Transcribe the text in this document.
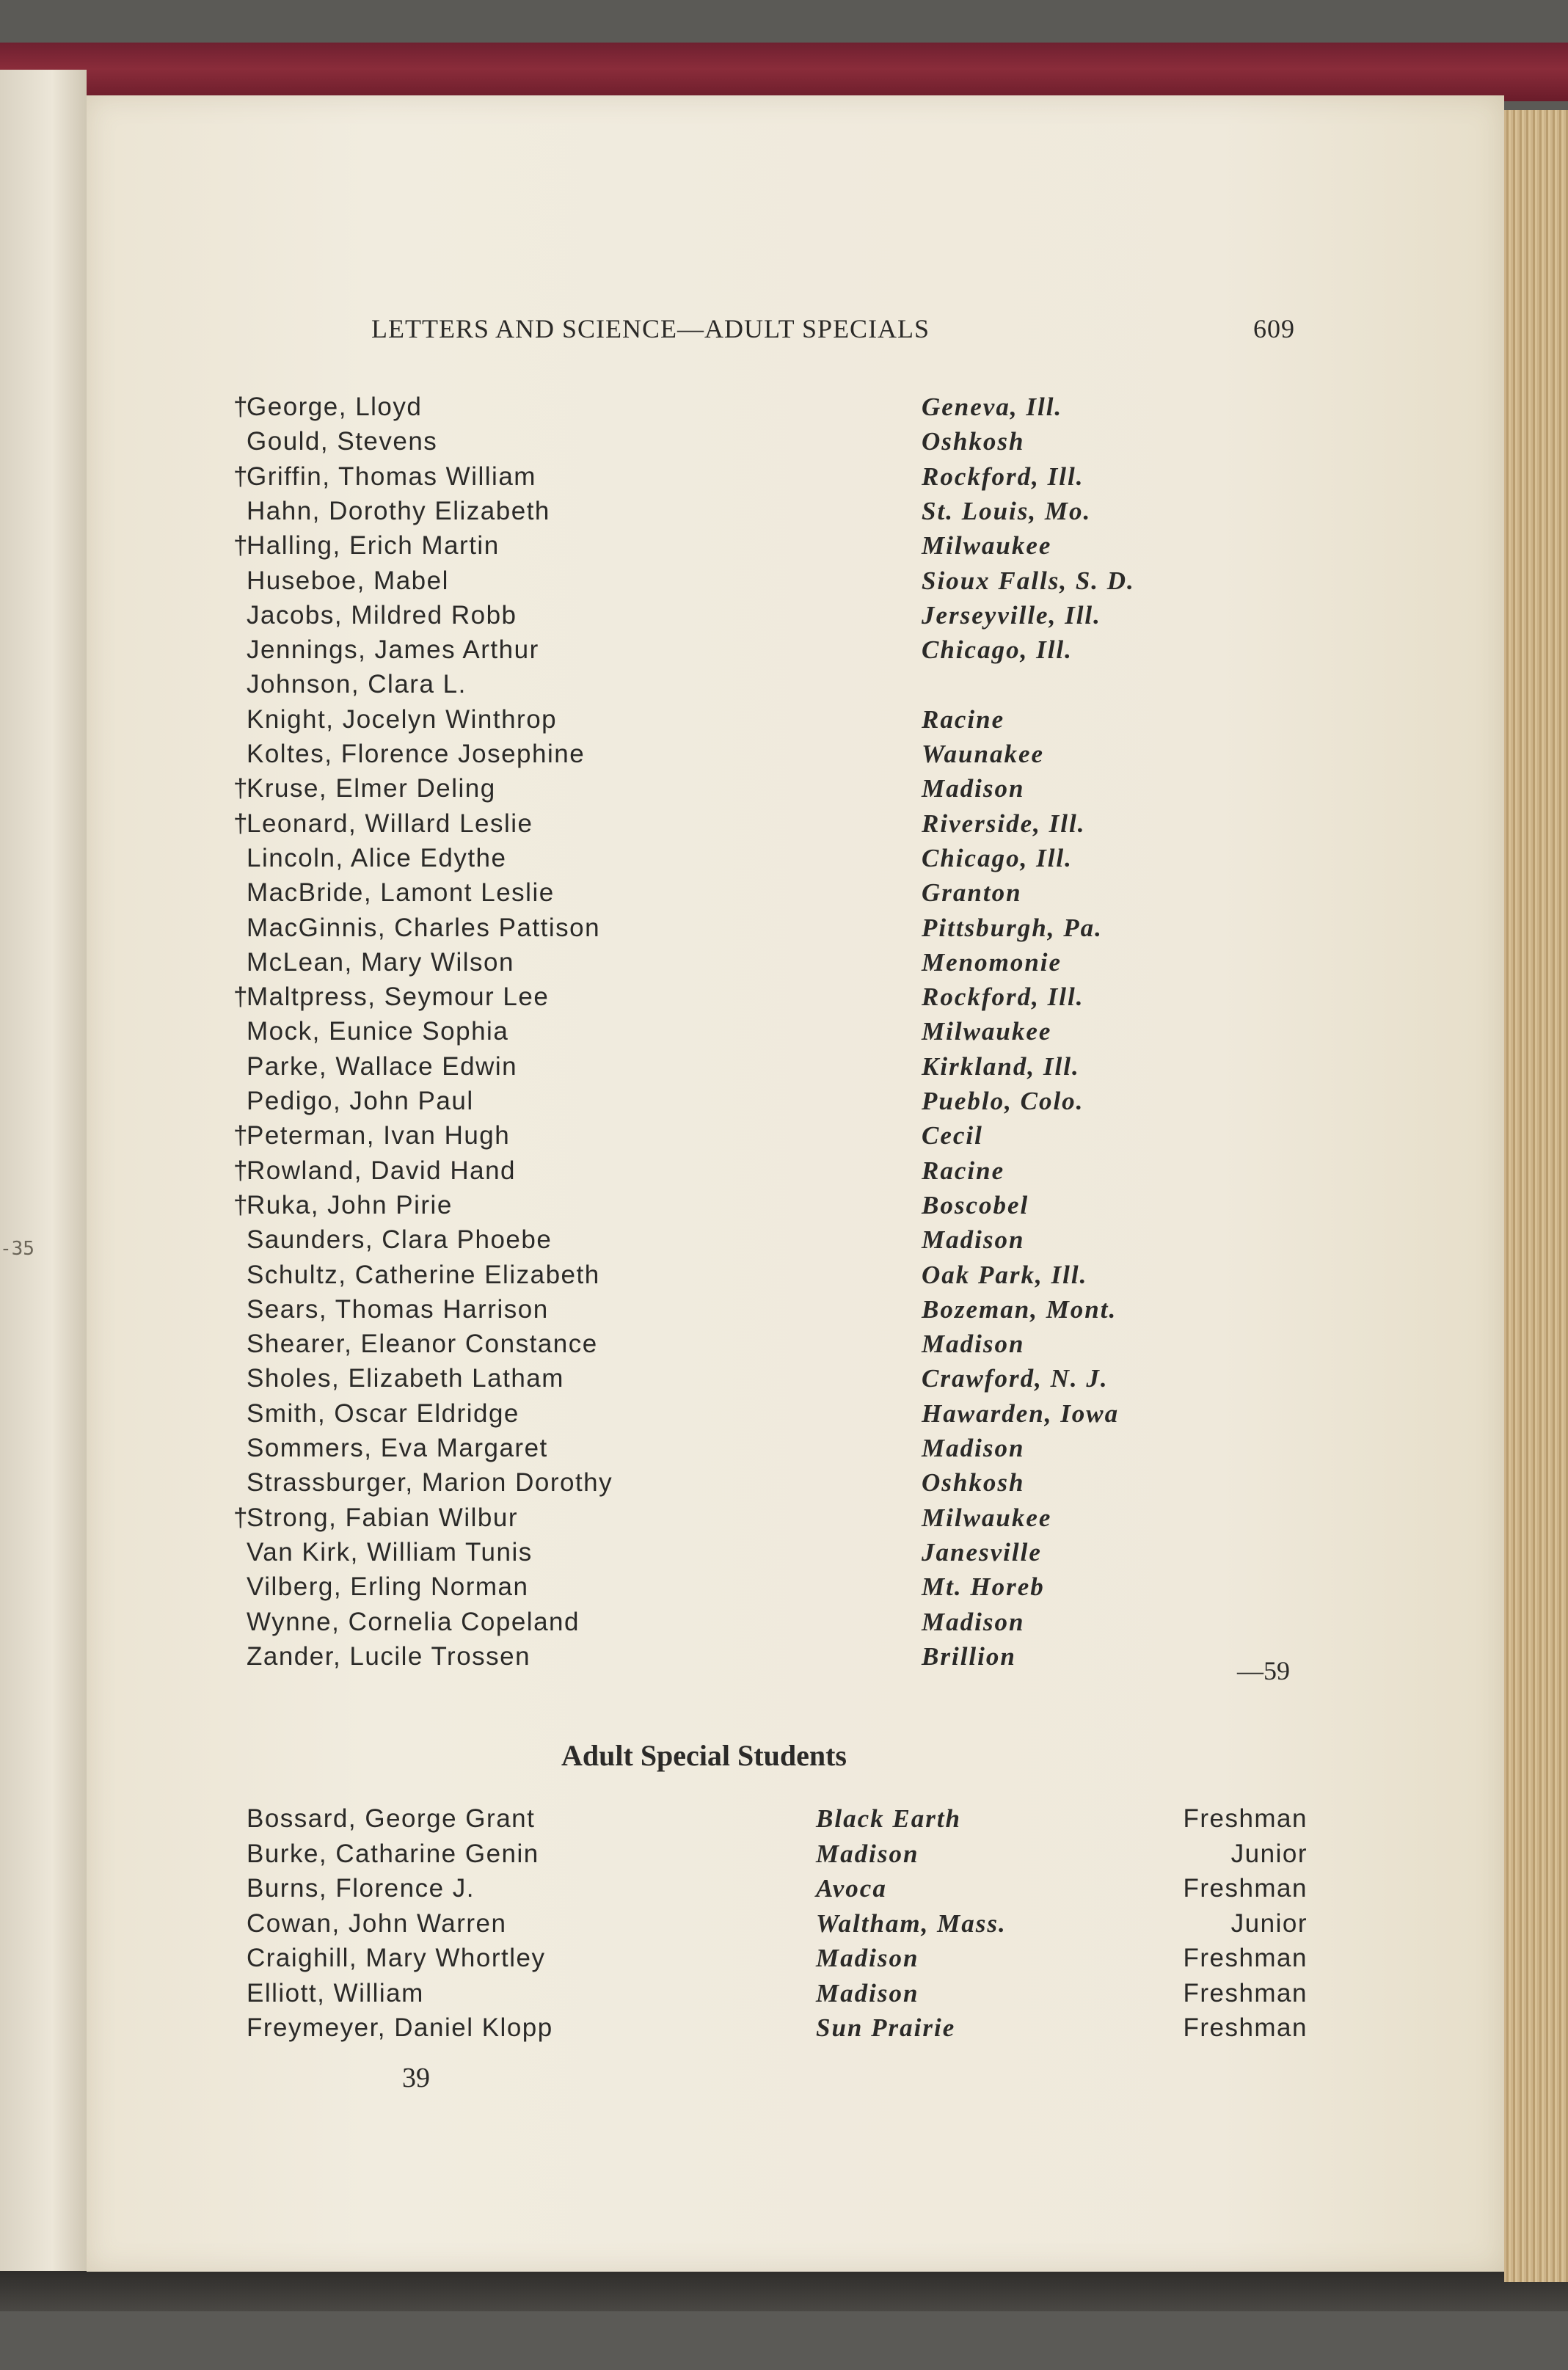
-35
LETTERS AND SCIENCE—ADULT SPECIALS	609
†George, Lloyd	Geneva, Ill.
Gould, Stevens	Oshkosh
†Griffin, Thomas William	Rockford, Ill.
Hahn, Dorothy Elizabeth	St. Louis, Mo.
†Halling, Erich Martin	Milwaukee
Huseboe, Mabel	Sioux Falls, S. D.
Jacobs, Mildred Robb	Jerseyville, Ill.
Jennings, James Arthur	Chicago, Ill.
Johnson, Clara L.
Knight, Jocelyn Winthrop	Racine
Koltes, Florence Josephine	Waunakee
†Kruse, Elmer Deling	Madison
†Leonard, Willard Leslie	Riverside, Ill.
Lincoln, Alice Edythe	Chicago, Ill.
MacBride, Lamont Leslie	Granton
MacGinnis, Charles Pattison	Pittsburgh, Pa.
McLean, Mary Wilson	Menomonie
†Maltpress, Seymour Lee	Rockford, Ill.
Mock, Eunice Sophia	Milwaukee
Parke, Wallace Edwin	Kirkland, Ill.
Pedigo, John Paul	Pueblo, Colo.
†Peterman, Ivan Hugh	Cecil
†Rowland, David Hand	Racine
†Ruka, John Pirie	Boscobel
Saunders, Clara Phoebe	Madison
Schultz, Catherine Elizabeth	Oak Park, Ill.
Sears, Thomas Harrison	Bozeman, Mont.
Shearer, Eleanor Constance	Madison
Sholes, Elizabeth Latham	Crawford, N. J.
Smith, Oscar Eldridge	Hawarden, Iowa
Sommers, Eva Margaret	Madison
Strassburger, Marion Dorothy	Oshkosh
†Strong, Fabian Wilbur	Milwaukee
Van Kirk, William Tunis	Janesville
Vilberg, Erling Norman	Mt. Horeb
Wynne, Cornelia Copeland	Madison
Zander, Lucile Trossen	Brillion	—59
Adult Special Students
Bossard, George Grant	Black Earth	Freshman
Burke, Catharine Genin	Madison	Junior
Burns, Florence J.	Avoca	Freshman
Cowan, John Warren	Waltham, Mass.	Junior
Craighill, Mary Whortley	Madison	Freshman
Elliott, William	Madison	Freshman
Freymeyer, Daniel Klopp	Sun Prairie	Freshman
39
